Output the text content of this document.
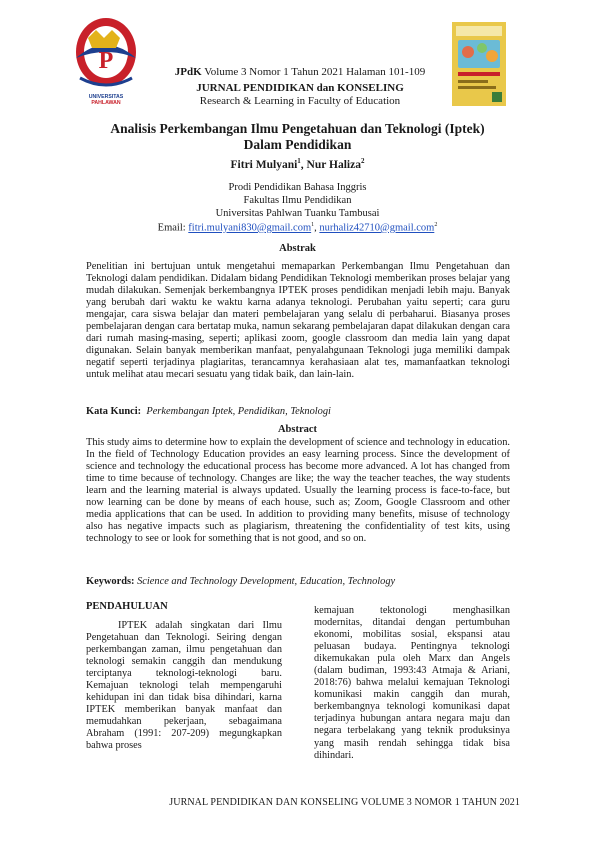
P
UNIVERSITAS
PAHLAWAN
JPdK Volume 3 Nomor 1 Tahun 2021 Halaman 101-109
JURNAL PENDIDIKAN dan KONSELING
Research & Learning in Faculty of Education
Analisis Perkembangan Ilmu Pengetahuan dan Teknologi (Iptek)
Dalam Pendidikan
Fitri Mulyani$^1$, Nur Haliza$^2$
Prodi Pendidikan Bahasa Inggris
Fakultas Ilmu Pendidikan
Universitas Pahlwan Tuanku Tambusai
Email: fitri.mulyani830@gmail.com$^1$, nurhaliz42710@gmail.com$^2$
Abstrak
Penelitian ini bertujuan untuk mengetahui memaparkan Perkembangan Ilmu Pengetahuan dan Teknologi dalam pendidikan. Didalam bidang Pendidikan Teknologi memberikan proses belajar yang mudah dilakukan. Semenjak berkembangnya IPTEK proses pendidikan menjadi lebih maju. Banyak yang berubah dari waktu ke waktu karna adanya teknologi. Perubahan yaitu seperti; cara guru mengajar, cara siswa belajar dan materi pembelajaran yang selalu di perbaharui. Biasanya proses pembelajaran dengan cara bertatap muka, namun sekarang pembelajaran dapat dilakukan dengan cara dari rumah masing-masing, seperti; aplikasi zoom, google classroom dan media lain yang dapat digunakan. Selain banyak memberikan manfaat, penyalahgunaan Teknologi juga memiliki dampak negatif seperti terjadinya plagiaritas, terancamnya kerahasiaan alat tes, mamanfaatkan teknologi untuk melihat atau mecari sesuatu yang tidak baik, dan lain-lain.
Kata Kunci: Perkembangan Iptek, Pendidikan, Teknologi
Abstract
This study aims to determine how to explain the development of science and technology in education. In the field of Technology Education provides an easy learning process. Since the development of science and technology the educational process has become more advanced. A lot has changed from time to time because of technology. Changes are like; the way the teacher teaches, the way students learn and the learning material is always updated. Usually the learning process is face-to-face, but now learning can be done by means of each house, such as; Zoom, Google Classroom and other media applications that can be used. In addition to providing many benefits, misuse of technology also has negative impacts such as plagiarism, threatening the confidentiality of test kits, using technology to see or look for something that is not good, and so on.
Keywords: Science and Technology Development, Education, Technology
PENDAHULUAN
IPTEK adalah singkatan dari Ilmu Pengetahuan dan Teknologi. Seiring dengan perkembangan zaman, ilmu pengetahuan dan teknologi semakin canggih dan mendukung terciptanya teknologi-teknologi baru. Kemajuan teknologi telah mempengaruhi kehidupan ini dan tidak bisa dihindari, karna IPTEK memberikan banyak manfaat dan memudahkan pekerjaan, sebagaimana Abraham (1991: 207-209) megungkapkan bahwa proses
kemajuan tektonologi menghasilkan modernitas, ditandai dengan pertumbuhan ekonomi, mobilitas sosial, ekspansi atau peluasan budaya. Pentingnya teknologi dikemukakan pula oleh Marx dan Angels (dalam budiman, 1993:43 Atmaja & Ariani, 2018:76) bahwa melalui kemajuan Teknologi komunikasi makin canggih dan murah, berkembangnya teknologi komunikasi dapat terjadinya hubungan antara negara maju dan negara terbelakang yang teknik produksinya yang masih rendah sehingga tidak bisa dihindari.
JURNAL PENDIDIKAN DAN KONSELING VOLUME 3 NOMOR 1 TAHUN 2021
